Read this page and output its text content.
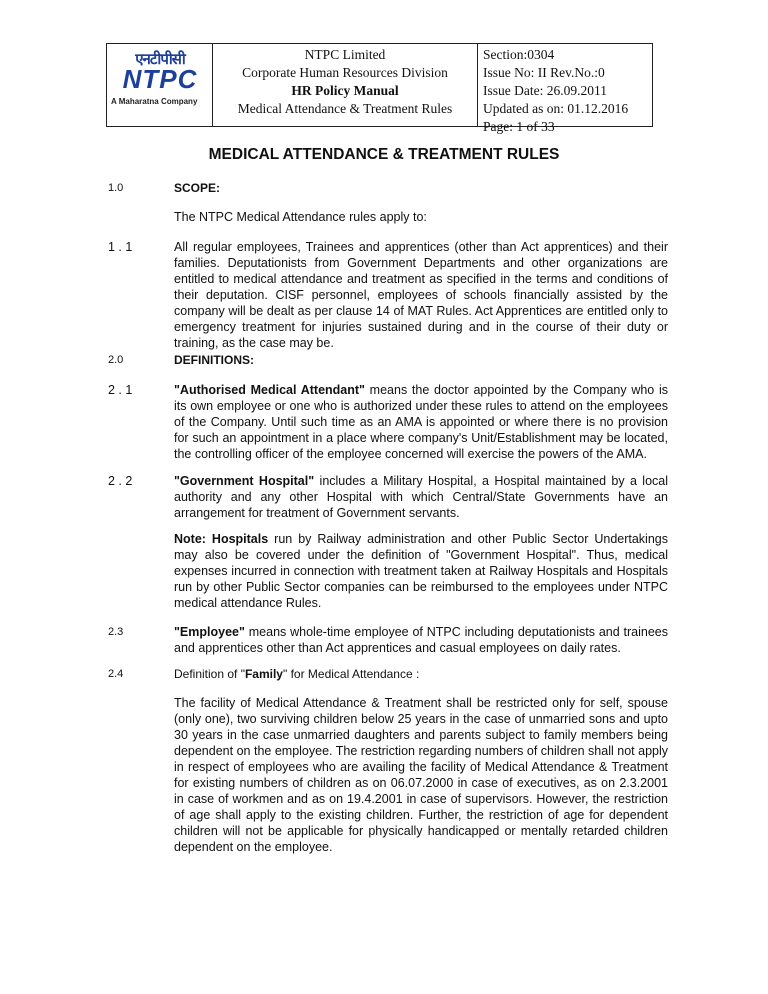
एनटीपीसी
NTPC
A Maharatna Company
NTPC Limited
Corporate Human Resources Division
HR Policy Manual
Medical Attendance & Treatment Rules
Section:0304
Issue No: II Rev.No.:0
Issue Date: 26.09.2011
Updated as on: 01.12.2016
Page: 1 of 33
MEDICAL ATTENDANCE & TREATMENT RULES
1.0	SCOPE:
The NTPC Medical Attendance rules apply to:
1 . 1	All regular employees, Trainees and apprentices (other than Act apprentices) and their families. Deputationists from Government Departments and other organizations are entitled to medical attendance and treatment as specified in the terms and conditions of their deputation. CISF personnel, employees of schools financially assisted by the company will be dealt as per clause 14 of MAT Rules. Act Apprentices are entitled only to emergency treatment for injuries sustained during and in the course of their duty or training, as the case may be.
2.0	DEFINITIONS:
2 . 1	"Authorised Medical Attendant" means the doctor appointed by the Company who is its own employee or one who is authorized under these rules to attend on the employees of the Company. Until such time as an AMA is appointed or where there is no provision for such an appointment in a place where company's Unit/Establishment may be located, the controlling officer of the employee concerned will exercise the powers of the AMA.
2 . 2	"Government Hospital" includes a Military Hospital, a Hospital maintained by a local authority and any other Hospital with which Central/State Governments have an arrangement for treatment of Government servants.
Note: Hospitals run by Railway administration and other Public Sector Undertakings may also be covered under the definition of "Government Hospital". Thus, medical expenses incurred in connection with treatment taken at Railway Hospitals and Hospitals run by other Public Sector companies can be reimbursed to the employees under NTPC medical attendance Rules.
2.3	"Employee" means whole-time employee of NTPC including deputationists and trainees and apprentices other than Act apprentices and casual employees on daily rates.
2.4	Definition of "Family" for Medical Attendance :
The facility of Medical Attendance & Treatment shall be restricted only for self, spouse (only one), two surviving children below 25 years in the case of unmarried sons and upto 30 years in the case unmarried daughters and parents subject to family members being dependent on the employee. The restriction regarding numbers of children shall not apply in respect of employees who are availing the facility of Medical Attendance & Treatment for existing numbers of children as on 06.07.2000 in case of executives, as on 2.3.2001 in case of workmen and as on 19.4.2001 in case of supervisors. However, the restriction of age shall apply to the existing children. Further, the restriction of age for dependent children will not be applicable for physically handicapped or mentally retarded children dependent on the employee.
